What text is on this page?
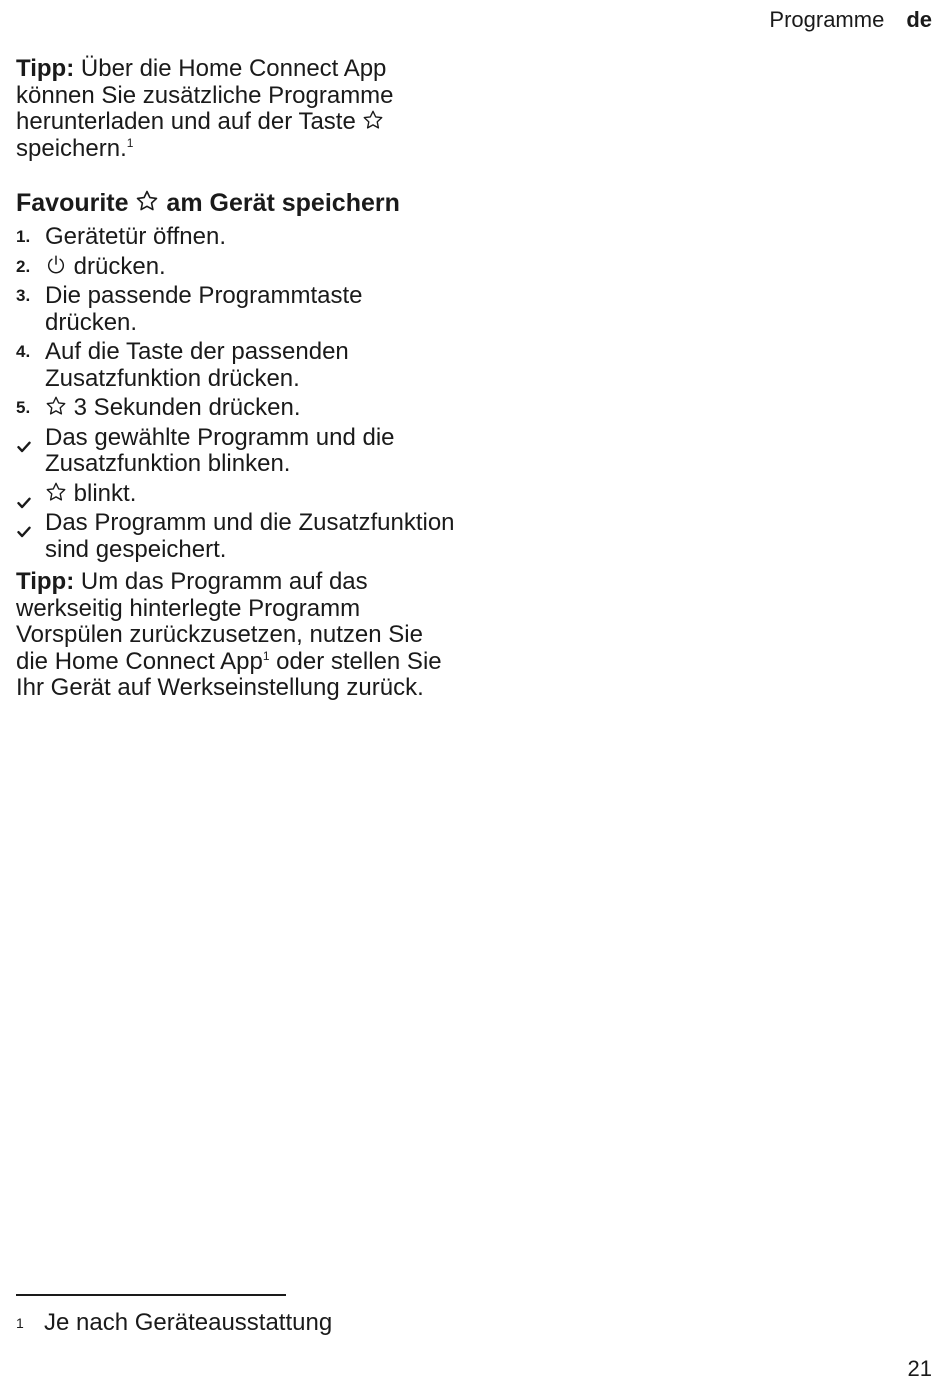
Programme de

Tipp: Über die Home Connect App können Sie zusätzliche Programme herunterladen und auf der Taste
speichern.$^1$

Favourite
am Gerät speichern
1. Gerätetür öffnen.
2. drücken.
3. Die passende Programmtaste drücken.
4. Auf die Taste der passenden Zusatzfunktion drücken.
5. 3 Sekunden drücken.
Das gewählte Programm und die Zusatzfunktion blinken.
blinkt.
Das Programm und die Zusatzfunktion sind gespeichert.

Tipp: Um das Programm auf das werkseitig hinterlegte Programm Vorspülen zurückzusetzen, nutzen Sie die Home Connect App$^1$ oder stellen Sie Ihr Gerät auf Werkseinstellung zurück.

1 Je nach Geräteausstattung
21
